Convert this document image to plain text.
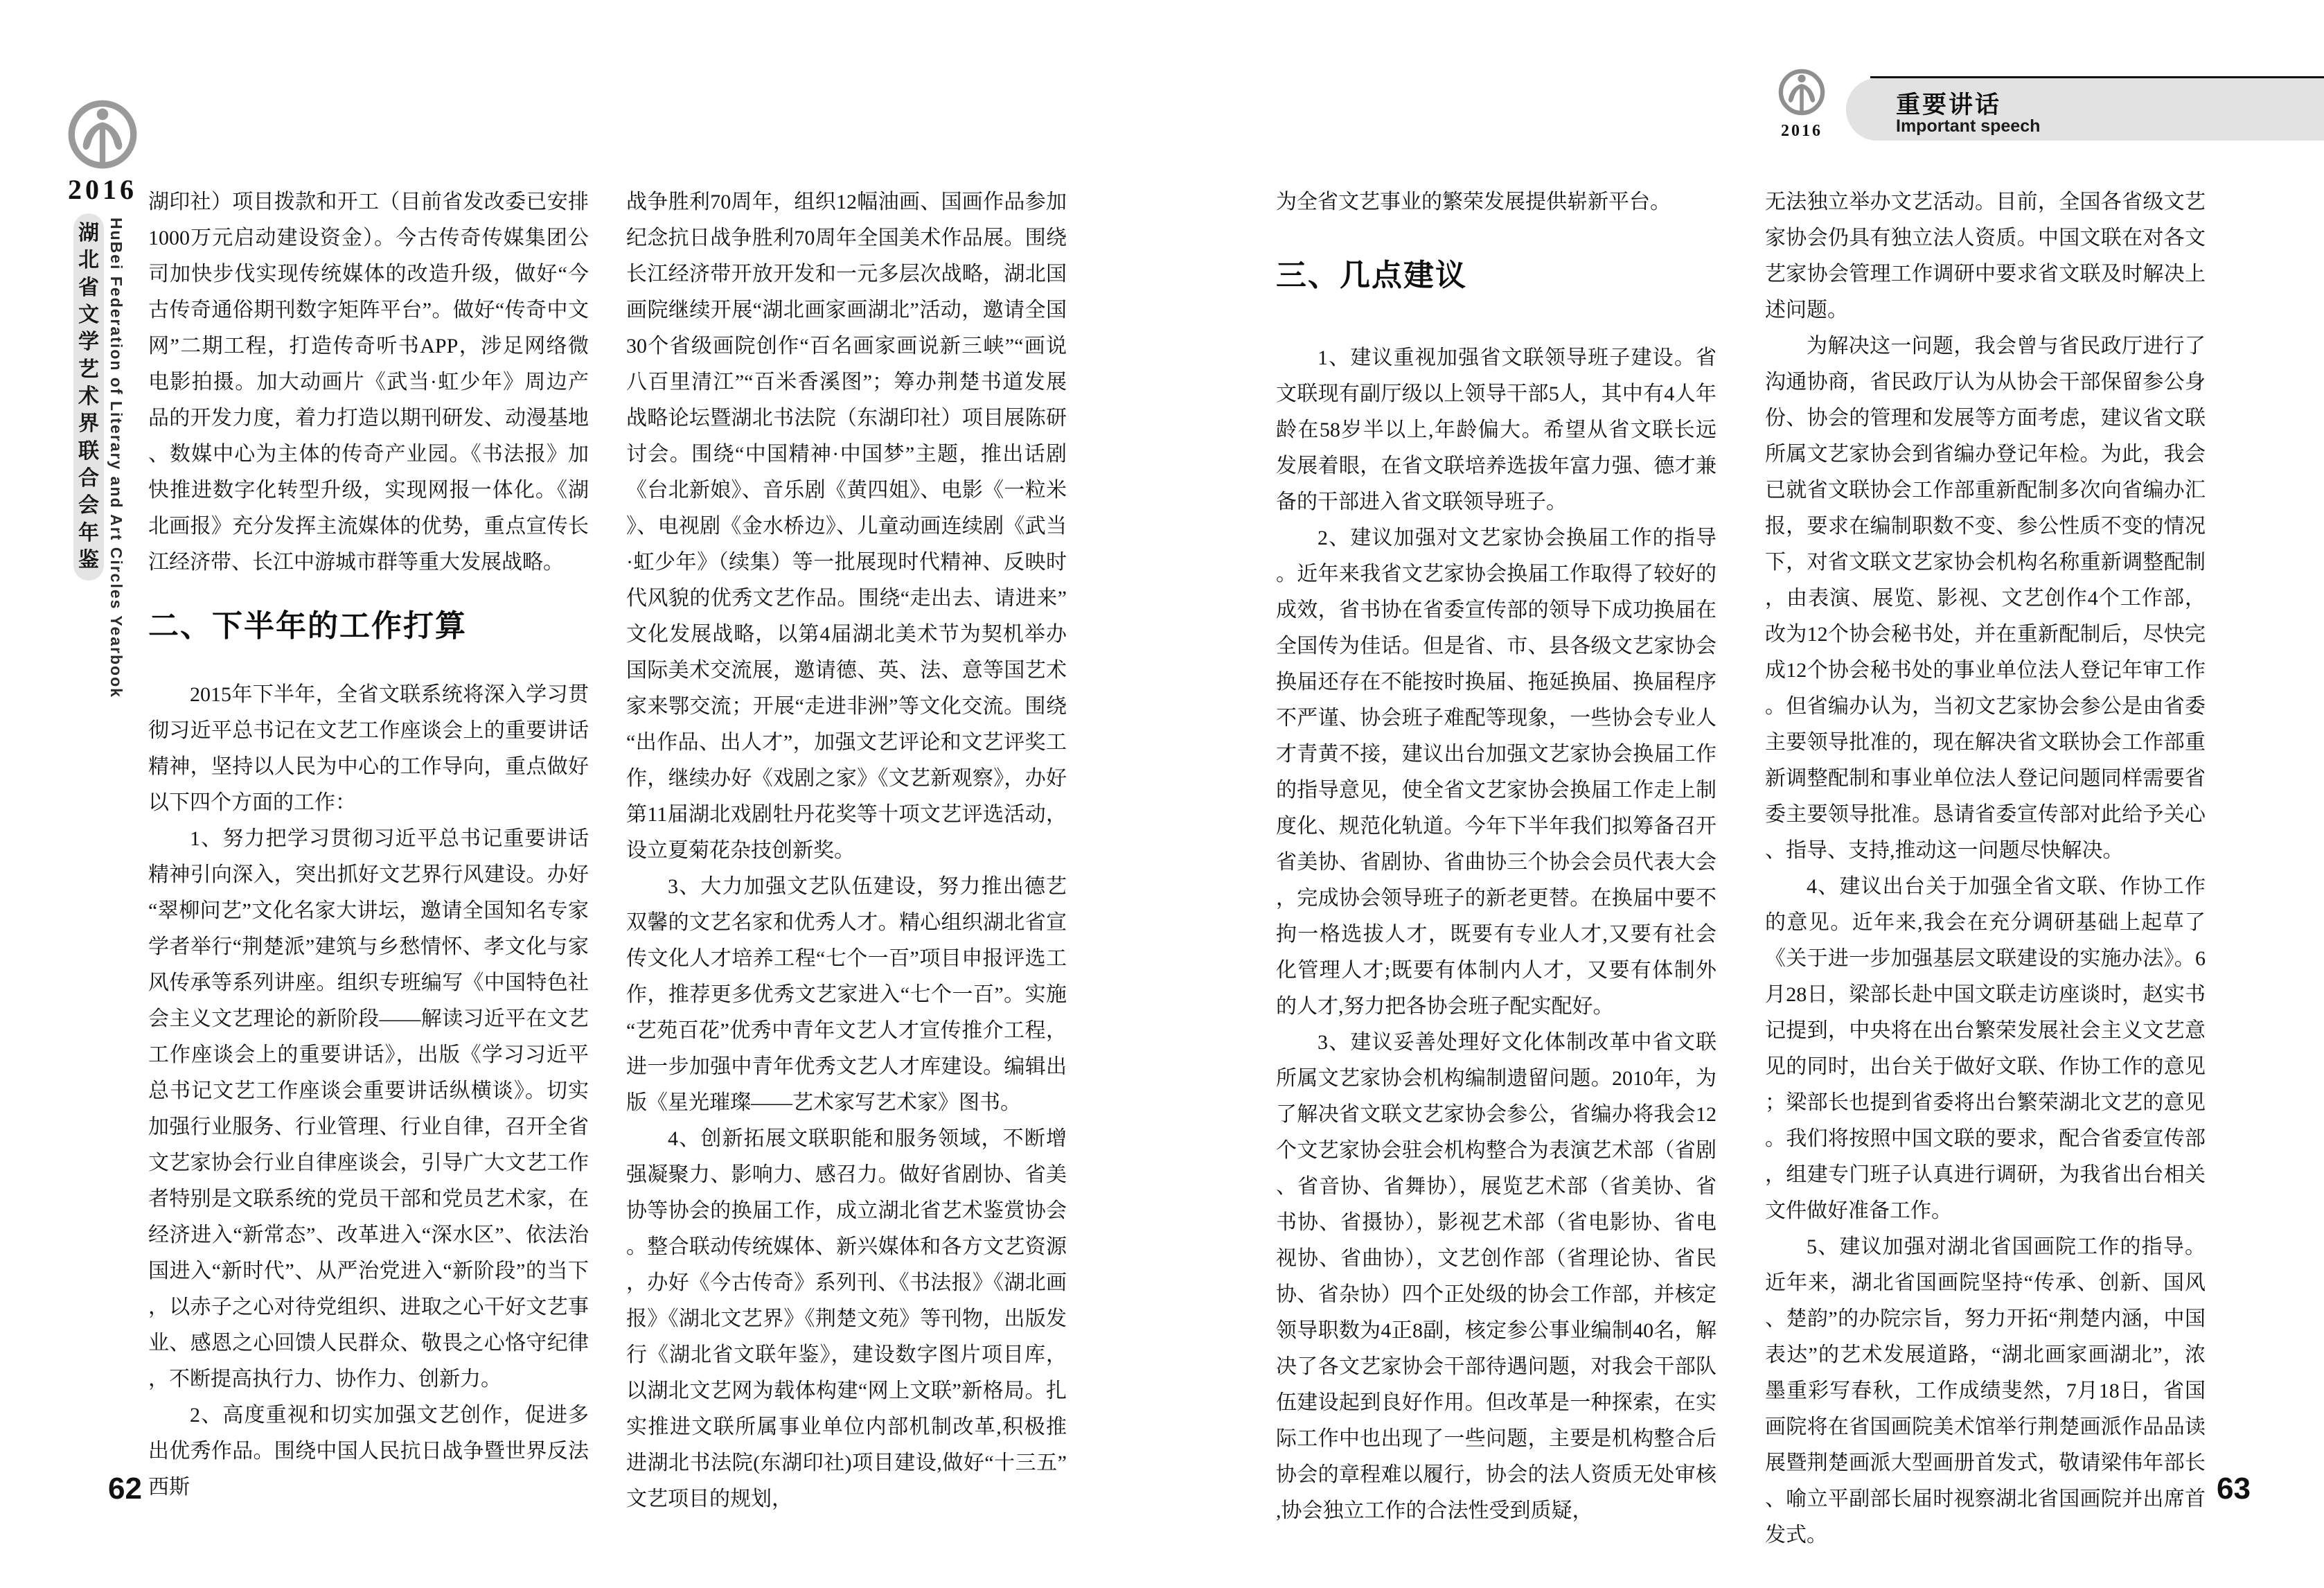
2016
湖
北
省
文
学
艺
术
界
联
合
会
年
鉴 HuBei Federation of Literary and Art Circles Yearbook
2016
重要讲话
Important speech

湖印社）项目拨款和开工（目前省发改委已安排1000万元启动建设资金）。今古传奇传媒集团公司加快步伐实现传统媒体的改造升级，做好“今古传奇通俗期刊数字矩阵平台”。做好“传奇中文网”二期工程，打造传奇听书APP，涉足网络微电影拍摄。加大动画片《武当·虹少年》周边产品的开发力度，着力打造以期刊研发、动漫基地、数媒中心为主体的传奇产业园。《书法报》加快推进数字化转型升级，实现网报一体化。《湖北画报》充分发挥主流媒体的优势，重点宣传长江经济带、长江中游城市群等重大发展战略。

二、下半年的工作打算

2015年下半年，全省文联系统将深入学习贯彻习近平总书记在文艺工作座谈会上的重要讲话精神，坚持以人民为中心的工作导向，重点做好以下四个方面的工作：

1、努力把学习贯彻习近平总书记重要讲话精神引向深入，突出抓好文艺界行风建设。办好“翠柳问艺”文化名家大讲坛，邀请全国知名专家学者举行“荆楚派”建筑与乡愁情怀、孝文化与家风传承等系列讲座。组织专班编写《中国特色社会主义文艺理论的新阶段——解读习近平在文艺工作座谈会上的重要讲话》，出版《学习习近平总书记文艺工作座谈会重要讲话纵横谈》。切实加强行业服务、行业管理、行业自律，召开全省文艺家协会行业自律座谈会，引导广大文艺工作者特别是文联系统的党员干部和党员艺术家，在经济进入“新常态”、改革进入“深水区”、依法治国进入“新时代”、从严治党进入“新阶段”的当下，以赤子之心对待党组织、进取之心干好文艺事业、感恩之心回馈人民群众、敬畏之心恪守纪律，不断提高执行力、协作力、创新力。

2、高度重视和切实加强文艺创作，促进多出优秀作品。围绕中国人民抗日战争暨世界反法西斯

战争胜利70周年，组织12幅油画、国画作品参加纪念抗日战争胜利70周年全国美术作品展。围绕长江经济带开放开发和一元多层次战略，湖北国画院继续开展“湖北画家画湖北”活动，邀请全国30个省级画院创作“百名画家画说新三峡”“画说八百里清江”“百米香溪图”；筹办荆楚书道发展战略论坛暨湖北书法院（东湖印社）项目展陈研讨会。围绕“中国精神·中国梦”主题，推出话剧《台北新娘》、音乐剧《黄四姐》、电影《一粒米》、电视剧《金水桥边》、儿童动画连续剧《武当·虹少年》（续集）等一批展现时代精神、反映时代风貌的优秀文艺作品。围绕“走出去、请进来”文化发展战略，以第4届湖北美术节为契机举办国际美术交流展，邀请德、英、法、意等国艺术家来鄂交流；开展“走进非洲”等文化交流。围绕“出作品、出人才”，加强文艺评论和文艺评奖工作，继续办好《戏剧之家》《文艺新观察》，办好第11届湖北戏剧牡丹花奖等十项文艺评选活动，设立夏菊花杂技创新奖。

3、大力加强文艺队伍建设，努力推出德艺双馨的文艺名家和优秀人才。精心组织湖北省宣传文化人才培养工程“七个一百”项目申报评选工作，推荐更多优秀文艺家进入“七个一百”。实施“艺苑百花”优秀中青年文艺人才宣传推介工程，进一步加强中青年优秀文艺人才库建设。编辑出版《星光璀璨——艺术家写艺术家》图书。

4、创新拓展文联职能和服务领域，不断增强凝聚力、影响力、感召力。做好省剧协、省美协等协会的换届工作，成立湖北省艺术鉴赏协会。整合联动传统媒体、新兴媒体和各方文艺资源，办好《今古传奇》系列刊、《书法报》《湖北画报》《湖北文艺界》《荆楚文苑》等刊物，出版发行《湖北省文联年鉴》，建设数字图片项目库，以湖北文艺网为载体构建“网上文联”新格局。扎实推进文联所属事业单位内部机制改革,积极推进湖北书法院(东湖印社)项目建设,做好“十三五”文艺项目的规划，

为全省文艺事业的繁荣发展提供崭新平台。

三、几点建议

1、建议重视加强省文联领导班子建设。省文联现有副厅级以上领导干部5人，其中有4人年龄在58岁半以上,年龄偏大。希望从省文联长远发展着眼，在省文联培养选拔年富力强、德才兼备的干部进入省文联领导班子。

2、建议加强对文艺家协会换届工作的指导。近年来我省文艺家协会换届工作取得了较好的成效，省书协在省委宣传部的领导下成功换届在全国传为佳话。但是省、市、县各级文艺家协会换届还存在不能按时换届、拖延换届、换届程序不严谨、协会班子难配等现象，一些协会专业人才青黄不接，建议出台加强文艺家协会换届工作的指导意见，使全省文艺家协会换届工作走上制度化、规范化轨道。今年下半年我们拟筹备召开省美协、省剧协、省曲协三个协会会员代表大会，完成协会领导班子的新老更替。在换届中要不拘一格选拔人才，既要有专业人才,又要有社会化管理人才;既要有体制内人才，又要有体制外的人才,努力把各协会班子配实配好。

3、建议妥善处理好文化体制改革中省文联所属文艺家协会机构编制遗留问题。2010年，为了解决省文联文艺家协会参公，省编办将我会12个文艺家协会驻会机构整合为表演艺术部（省剧、省音协、省舞协），展览艺术部（省美协、省书协、省摄协），影视艺术部（省电影协、省电视协、省曲协），文艺创作部（省理论协、省民协、省杂协）四个正处级的协会工作部，并核定领导职数为4正8副，核定参公事业编制40名，解决了各文艺家协会干部待遇问题，对我会干部队伍建设起到良好作用。但改革是一种探索，在实际工作中也出现了一些问题，主要是机构整合后协会的章程难以履行，协会的法人资质无处审核,协会独立工作的合法性受到质疑，

无法独立举办文艺活动。目前，全国各省级文艺家协会仍具有独立法人资质。中国文联在对各文艺家协会管理工作调研中要求省文联及时解决上述问题。

为解决这一问题，我会曾与省民政厅进行了沟通协商，省民政厅认为从协会干部保留参公身份、协会的管理和发展等方面考虑，建议省文联所属文艺家协会到省编办登记年检。为此，我会已就省文联协会工作部重新配制多次向省编办汇报，要求在编制职数不变、参公性质不变的情况下，对省文联文艺家协会机构名称重新调整配制，由表演、展览、影视、文艺创作4个工作部，改为12个协会秘书处，并在重新配制后，尽快完成12个协会秘书处的事业单位法人登记年审工作。但省编办认为，当初文艺家协会参公是由省委主要领导批准的，现在解决省文联协会工作部重新调整配制和事业单位法人登记问题同样需要省委主要领导批准。恳请省委宣传部对此给予关心、指导、支持,推动这一问题尽快解决。

4、建议出台关于加强全省文联、作协工作的意见。近年来,我会在充分调研基础上起草了《关于进一步加强基层文联建设的实施办法》。6月28日，梁部长赴中国文联走访座谈时，赵实书记提到，中央将在出台繁荣发展社会主义文艺意见的同时，出台关于做好文联、作协工作的意见；梁部长也提到省委将出台繁荣湖北文艺的意见。我们将按照中国文联的要求，配合省委宣传部，组建专门班子认真进行调研，为我省出台相关文件做好准备工作。

5、建议加强对湖北省国画院工作的指导。近年来，湖北省国画院坚持“传承、创新、国风、楚韵”的办院宗旨，努力开拓“荆楚内涵，中国表达”的艺术发展道路，“湖北画家画湖北”，浓墨重彩写春秋，工作成绩斐然，7月18日，省国画院将在省国画院美术馆举行荆楚画派作品品读展暨荆楚画派大型画册首发式，敬请梁伟年部长、喻立平副部长届时视察湖北省国画院并出席首发式。

62	63
